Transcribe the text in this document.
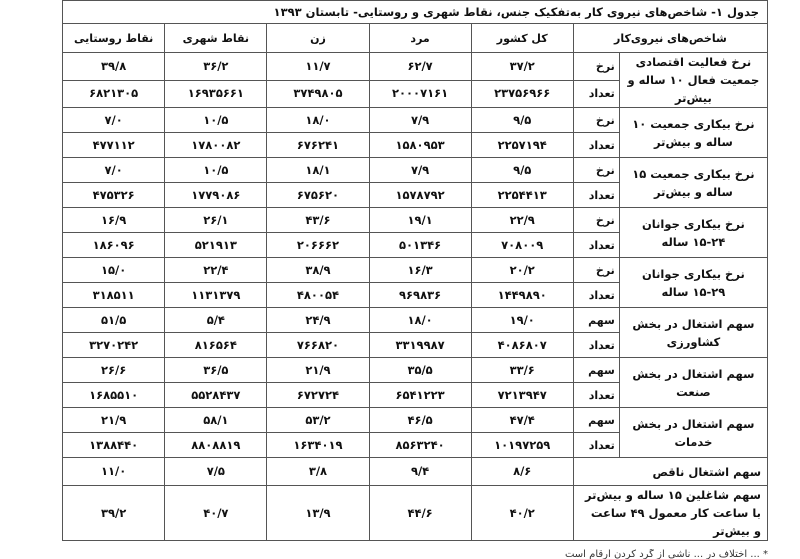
جدول ۱- شاخص‌های نیروی کار به‌تفکیک جنس، نقاط شهری و روستایی- تابستان ۱۳۹۳						
شاخص‌های نیروی‌کار		کل کشور	مرد	زن	نقاط شهری	نقاط روستایی
نرخ فعالیت اقتصادی جمعیت فعال ۱۰ ساله و بیش‌تر	نرخ	۳۷/۲	۶۲/۷	۱۱/۷	۳۶/۲	۳۹/۸
	تعداد	۲۳۷۵۶۹۶۶	۲۰۰۰۷۱۶۱	۳۷۴۹۸۰۵	۱۶۹۳۵۶۶۱	۶۸۲۱۳۰۵
نرخ بیکاری جمعیت ۱۰ ساله و بیش‌تر	نرخ	۹/۵	۷/۹	۱۸/۰	۱۰/۵	۷/۰
	تعداد	۲۲۵۷۱۹۴	۱۵۸۰۹۵۳	۶۷۶۲۴۱	۱۷۸۰۰۸۲	۴۷۷۱۱۲
نرخ بیکاری جمعیت ۱۵ ساله و بیش‌تر	نرخ	۹/۵	۷/۹	۱۸/۱	۱۰/۵	۷/۰
	تعداد	۲۲۵۴۴۱۳	۱۵۷۸۷۹۲	۶۷۵۶۲۰	۱۷۷۹۰۸۶	۴۷۵۳۲۶
نرخ بیکاری جوانان ۲۴-۱۵ ساله	نرخ	۲۲/۹	۱۹/۱	۴۳/۶	۲۶/۱	۱۶/۹
	تعداد	۷۰۸۰۰۹	۵۰۱۳۴۶	۲۰۶۶۶۲	۵۲۱۹۱۳	۱۸۶۰۹۶
نرخ بیکاری جوانان ۲۹-۱۵ ساله	نرخ	۲۰/۲	۱۶/۳	۳۸/۹	۲۲/۴	۱۵/۰
	تعداد	۱۴۴۹۸۹۰	۹۶۹۸۳۶	۴۸۰۰۵۴	۱۱۳۱۳۷۹	۳۱۸۵۱۱
سهم اشتغال در بخش کشاورزی	سهم	۱۹/۰	۱۸/۰	۲۴/۹	۵/۴	۵۱/۵
	تعداد	۴۰۸۶۸۰۷	۳۳۱۹۹۸۷	۷۶۶۸۲۰	۸۱۶۵۶۴	۳۲۷۰۲۴۲
سهم اشتغال در بخش صنعت	سهم	۳۳/۶	۳۵/۵	۲۱/۹	۳۶/۵	۲۶/۶
	تعداد	۷۲۱۳۹۴۷	۶۵۴۱۲۲۳	۶۷۲۷۲۴	۵۵۲۸۴۳۷	۱۶۸۵۵۱۰
سهم اشتغال در بخش خدمات	سهم	۴۷/۴	۴۶/۵	۵۳/۲	۵۸/۱	۲۱/۹
	تعداد	۱۰۱۹۷۲۵۹	۸۵۶۳۲۴۰	۱۶۳۴۰۱۹	۸۸۰۸۸۱۹	۱۳۸۸۴۴۰
سهم اشتغال ناقص		۸/۶	۹/۴	۳/۸	۷/۵	۱۱/۰
سهم شاغلین ۱۵ ساله و بیش‌تر با ساعت کار معمول ۴۹ ساعت و بیش‌تر		۴۰/۲	۴۴/۶	۱۳/۹	۴۰/۷	۳۹/۲
* ... اختلاف در ... ناشی از گرد کردن ارقام است
